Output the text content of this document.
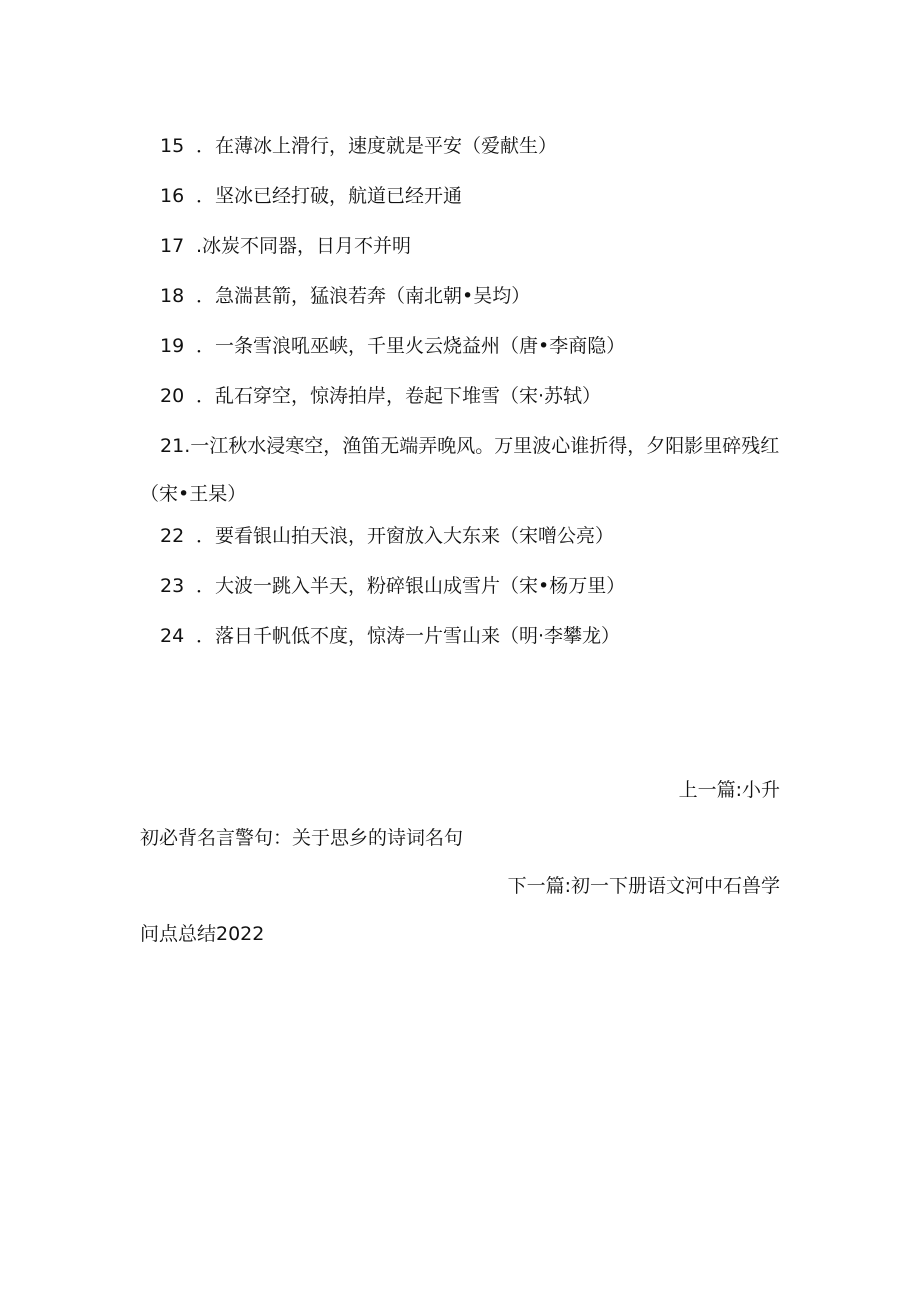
15 ．在薄冰上滑行，速度就是平安（爱献生）
16 ．坚冰已经打破，航道已经开通
17 .冰炭不同器，日月不并明
18 ．急湍甚箭，猛浪若奔（南北朝•吴均）
19 ．一条雪浪吼巫峡，千里火云烧益州（唐•李商隐）
20 ．乱石穿空，惊涛拍岸，卷起下堆雪（宋·苏轼）
21.一江秋水浸寒空，渔笛无端弄晚风。万里波心谁折得，夕阳影里碎残红（宋•王杲）
22 ．要看银山拍天浪，开窗放入大东来（宋噌公亮）
23 ．大波一跳入半天，粉碎银山成雪片（宋•杨万里）
24 ．落日千帆低不度，惊涛一片雪山来（明·李攀龙）
上一篇:小升
初必背名言警句：关于思乡的诗词名句
下一篇:初一下册语文河中石兽学
问点总结2022
